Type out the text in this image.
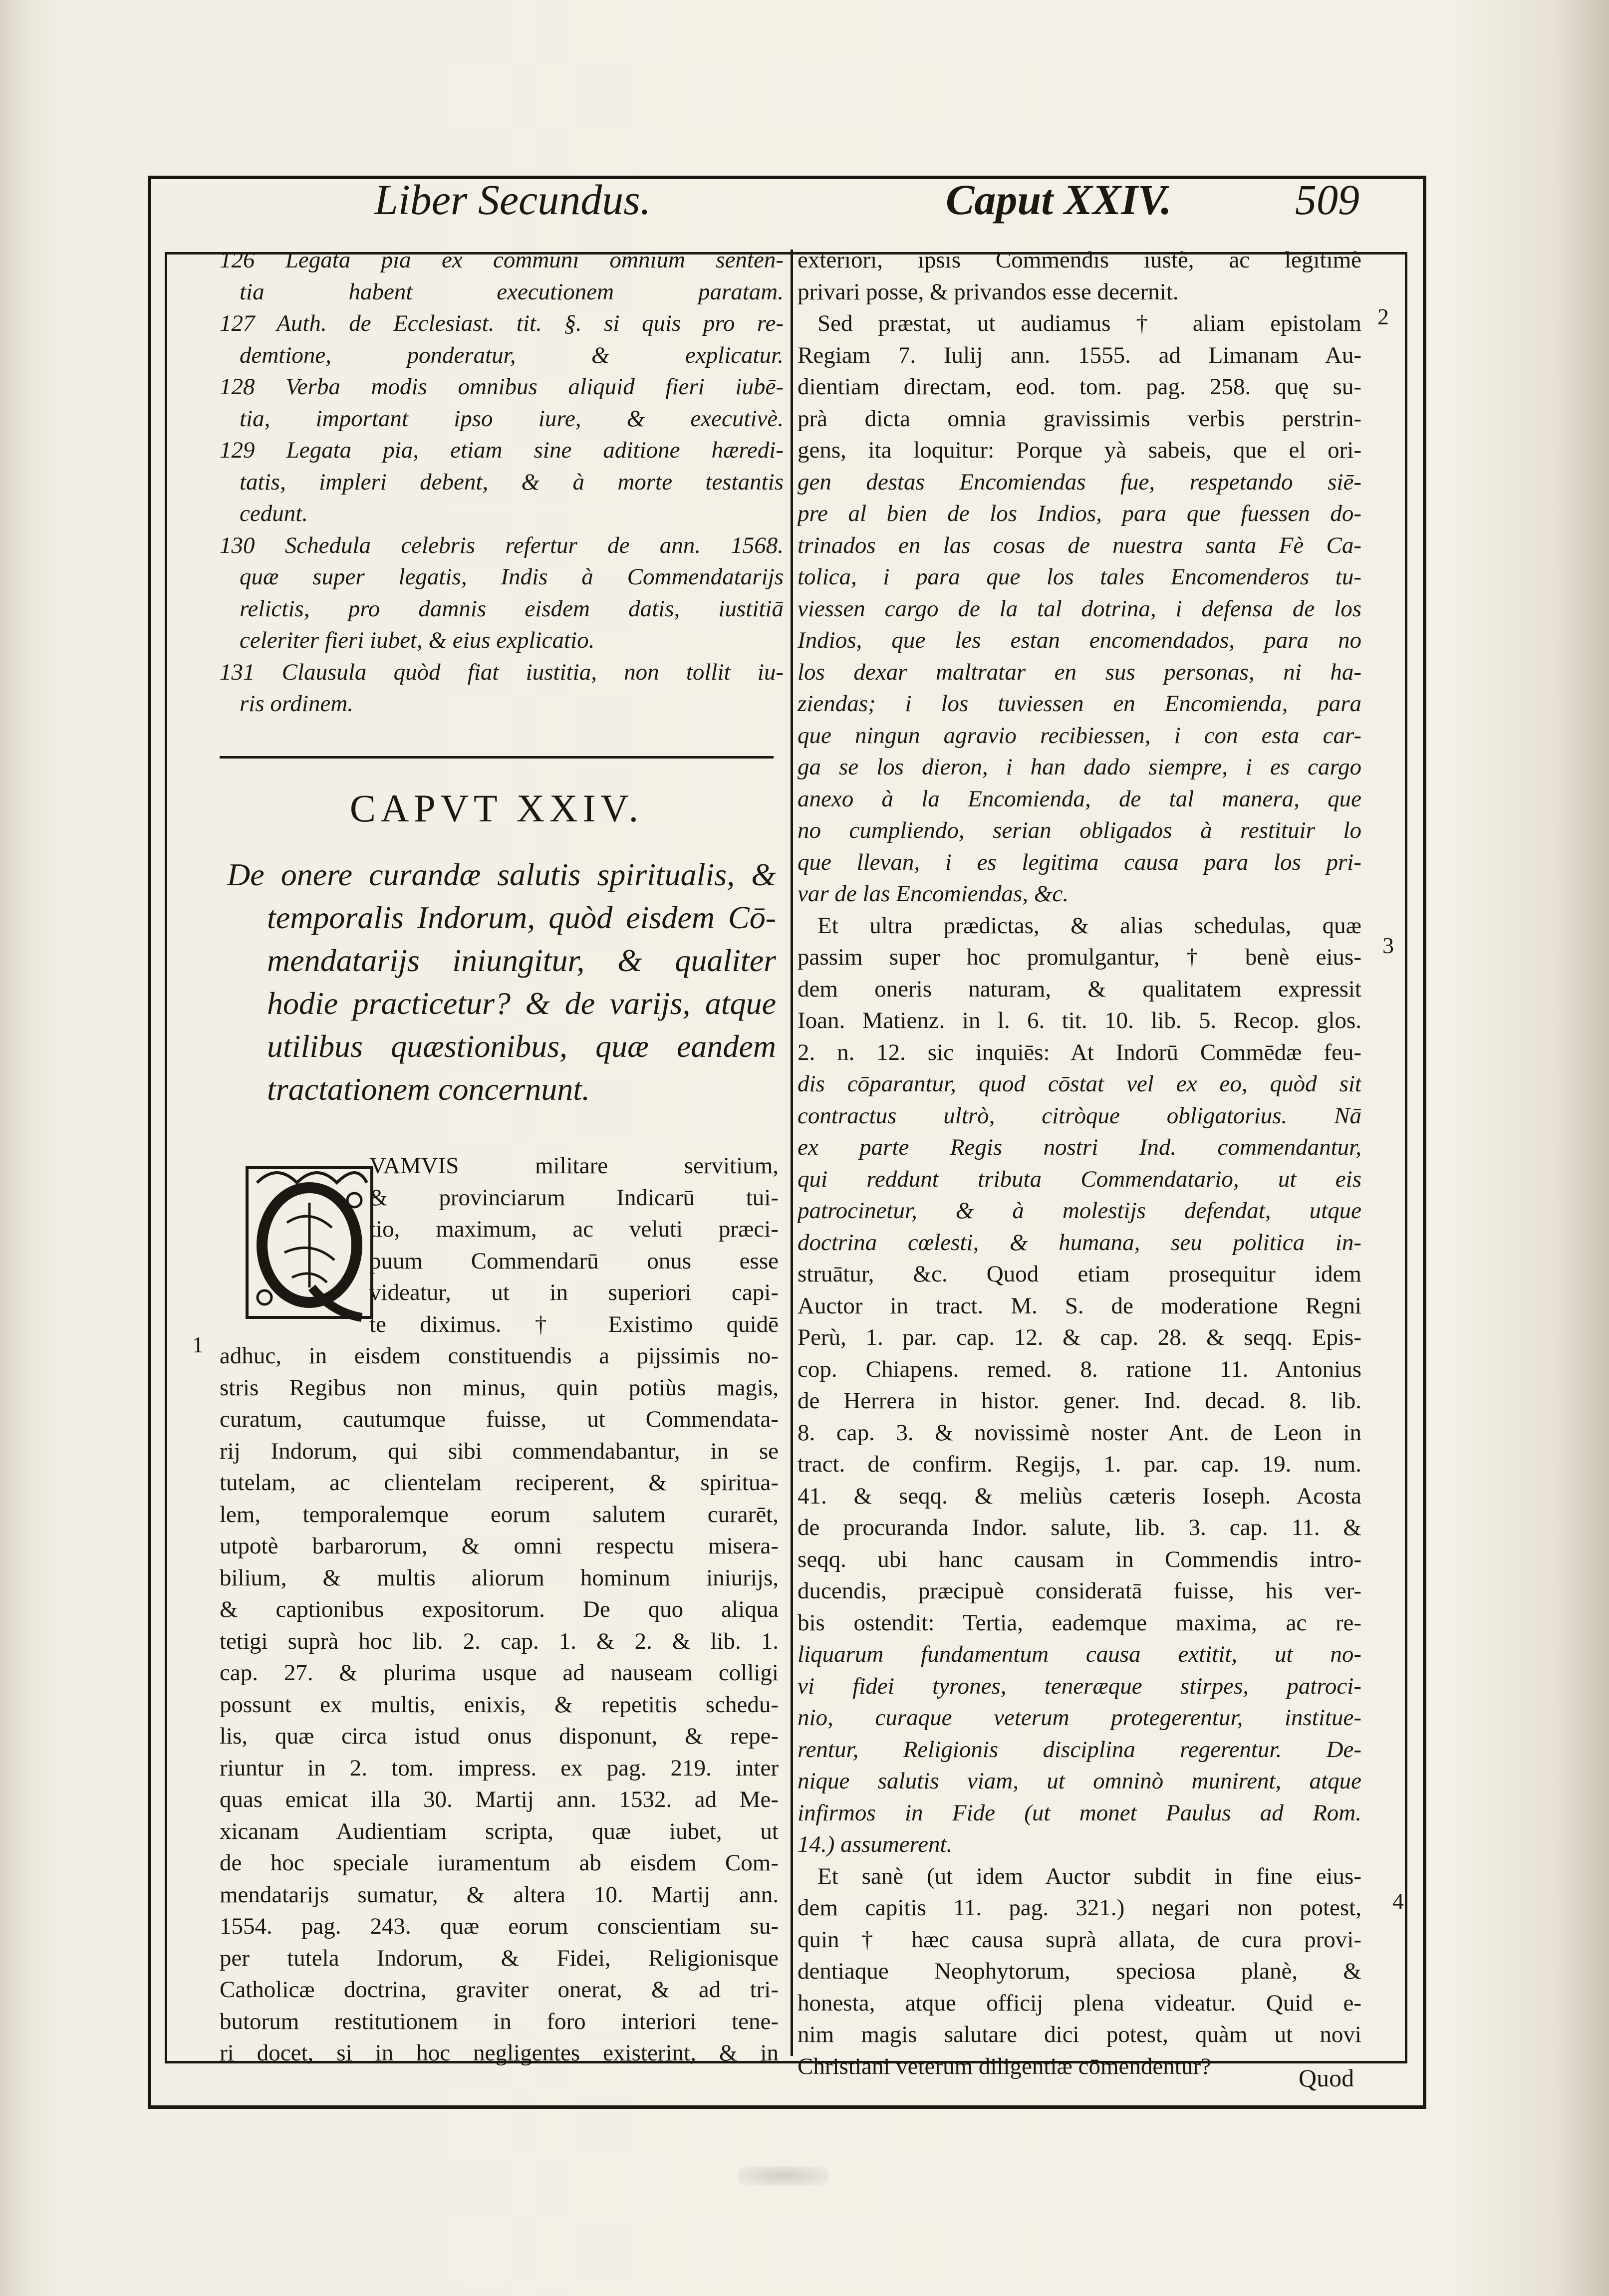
Liber Secundus.	Caput XXIV.	509
126 Legata pia ex communi omnium senten-
tia habent executionem paratam.
127 Auth. de Ecclesiast. tit. §. si quis pro re-
demtione, ponderatur, & explicatur.
128 Verba modis omnibus aliquid fieri iubē-
tia, important ipso iure, & executivè.
129 Legata pia, etiam sine aditione hæredi-
tatis, impleri debent, & à morte testantis
cedunt.
130 Schedula celebris refertur de ann. 1568.
quæ super legatis, Indis à Commendatarijs
relictis, pro damnis eisdem datis, iustitiā
celeriter fieri iubet, & eius explicatio.
131 Clausula quòd fiat iustitia, non tollit iu-
ris ordinem.
CAPVT XXIV.
De onere curandæ salutis spiritualis, &
temporalis Indorum, quòd eisdem Cō-
mendatarijs iniungitur, & qualiter
hodie practicetur? & de varijs, atque
utilibus quæstionibus, quæ eandem
tractationem concernunt.
VAMVIS militare servitium,
& provinciarum Indicarū tui-
tio, maximum, ac veluti præci-
puum Commendarū onus esse
videatur, ut in superiori capi-
te diximus. † Existimo quidē
adhuc, in eisdem constituendis a pijssimis no-
stris Regibus non minus, quin potiùs magis,
curatum, cautumque fuisse, ut Commendata-
rij Indorum, qui sibi commendabantur, in se
tutelam, ac clientelam reciperent, & spiritua-
lem, temporalemque eorum salutem curarēt,
utpotè barbarorum, & omni respectu misera-
bilium, & multis aliorum hominum iniurijs,
& captionibus expositorum. De quo aliqua
tetigi suprà hoc lib. 2. cap. 1. & 2. & lib. 1.
cap. 27. & plurima usque ad nauseam colligi
possunt ex multis, enixis, & repetitis schedu-
lis, quæ circa istud onus disponunt, & repe-
riuntur in 2. tom. impress. ex pag. 219. inter
quas emicat illa 30. Martij ann. 1532. ad Me-
xicanam Audientiam scripta, quæ iubet, ut
de hoc speciale iuramentum ab eisdem Com-
mendatarijs sumatur, & altera 10. Martij ann.
1554. pag. 243. quæ eorum conscientiam su-
per tutela Indorum, & Fidei, Religionisque
Catholicæ doctrina, graviter onerat, & ad tri-
butorum restitutionem in foro interiori tene-
ri docet, si in hoc negligentes existerint, & in
exteriori, ipsis Commendis iustè, ac legitimè
privari posse, & privandos esse decernit.
Sed præstat, ut audiamus † aliam epistolam
Regiam 7. Iulij ann. 1555. ad Limanam Au-
dientiam directam, eod. tom. pag. 258. quę su-
prà dicta omnia gravissimis verbis perstrin-
gens, ita loquitur: Porque yà sabeis, que el ori-
gen destas Encomiendas fue, respetando siē-
pre al bien de los Indios, para que fuessen do-
trinados en las cosas de nuestra santa Fè Ca-
tolica, i para que los tales Encomenderos tu-
viessen cargo de la tal dotrina, i defensa de los
Indios, que les estan encomendados, para no
los dexar maltratar en sus personas, ni ha-
ziendas; i los tuviessen en Encomienda, para
que ningun agravio recibiessen, i con esta car-
ga se los dieron, i han dado siempre, i es cargo
anexo à la Encomienda, de tal manera, que
no cumpliendo, serian obligados à restituir lo
que llevan, i es legitima causa para los pri-
var de las Encomiendas, &c.
Et ultra prædictas, & alias schedulas, quæ
passim super hoc promulgantur, † benè eius-
dem oneris naturam, & qualitatem expressit
Ioan. Matienz. in l. 6. tit. 10. lib. 5. Recop. glos.
2. n. 12. sic inquiēs: At Indorū Commēdæ feu-
dis cōparantur, quod cōstat vel ex eo, quòd sit
contractus ultrò, citròque obligatorius. Nā
ex parte Regis nostri Ind. commendantur,
qui reddunt tributa Commendatario, ut eis
patrocinetur, & à molestijs defendat, utque
doctrina cœlesti, & humana, seu politica in-
struātur, &c. Quod etiam prosequitur idem
Auctor in tract. M. S. de moderatione Regni
Perù, 1. par. cap. 12. & cap. 28. & seqq. Epis-
cop. Chiapens. remed. 8. ratione 11. Antonius
de Herrera in histor. gener. Ind. decad. 8. lib.
8. cap. 3. & novissimè noster Ant. de Leon in
tract. de confirm. Regijs, 1. par. cap. 19. num.
41. & seqq. & meliùs cæteris Ioseph. Acosta
de procuranda Indor. salute, lib. 3. cap. 11. &
seqq. ubi hanc causam in Commendis intro-
ducendis, præcipuè consideratā fuisse, his ver-
bis ostendit: Tertia, eademque maxima, ac re-
liquarum fundamentum causa extitit, ut no-
vi fidei tyrones, teneræque stirpes, patroci-
nio, curaque veterum protegerentur, institue-
rentur, Religionis disciplina regerentur. De-
nique salutis viam, ut omninò munirent, atque
infirmos in Fide (ut monet Paulus ad Rom.
14.) assumerent.
Et sanè (ut idem Auctor subdit in fine eius-
dem capitis 11. pag. 321.) negari non potest,
quin † hæc causa suprà allata, de cura provi-
dentiaque Neophytorum, speciosa planè, &
honesta, atque officij plena videatur. Quid e-
nim magis salutare dici potest, quàm ut novi
Christiani veterum diligentiæ cōmendentur?
1
2
3
4
Quod
